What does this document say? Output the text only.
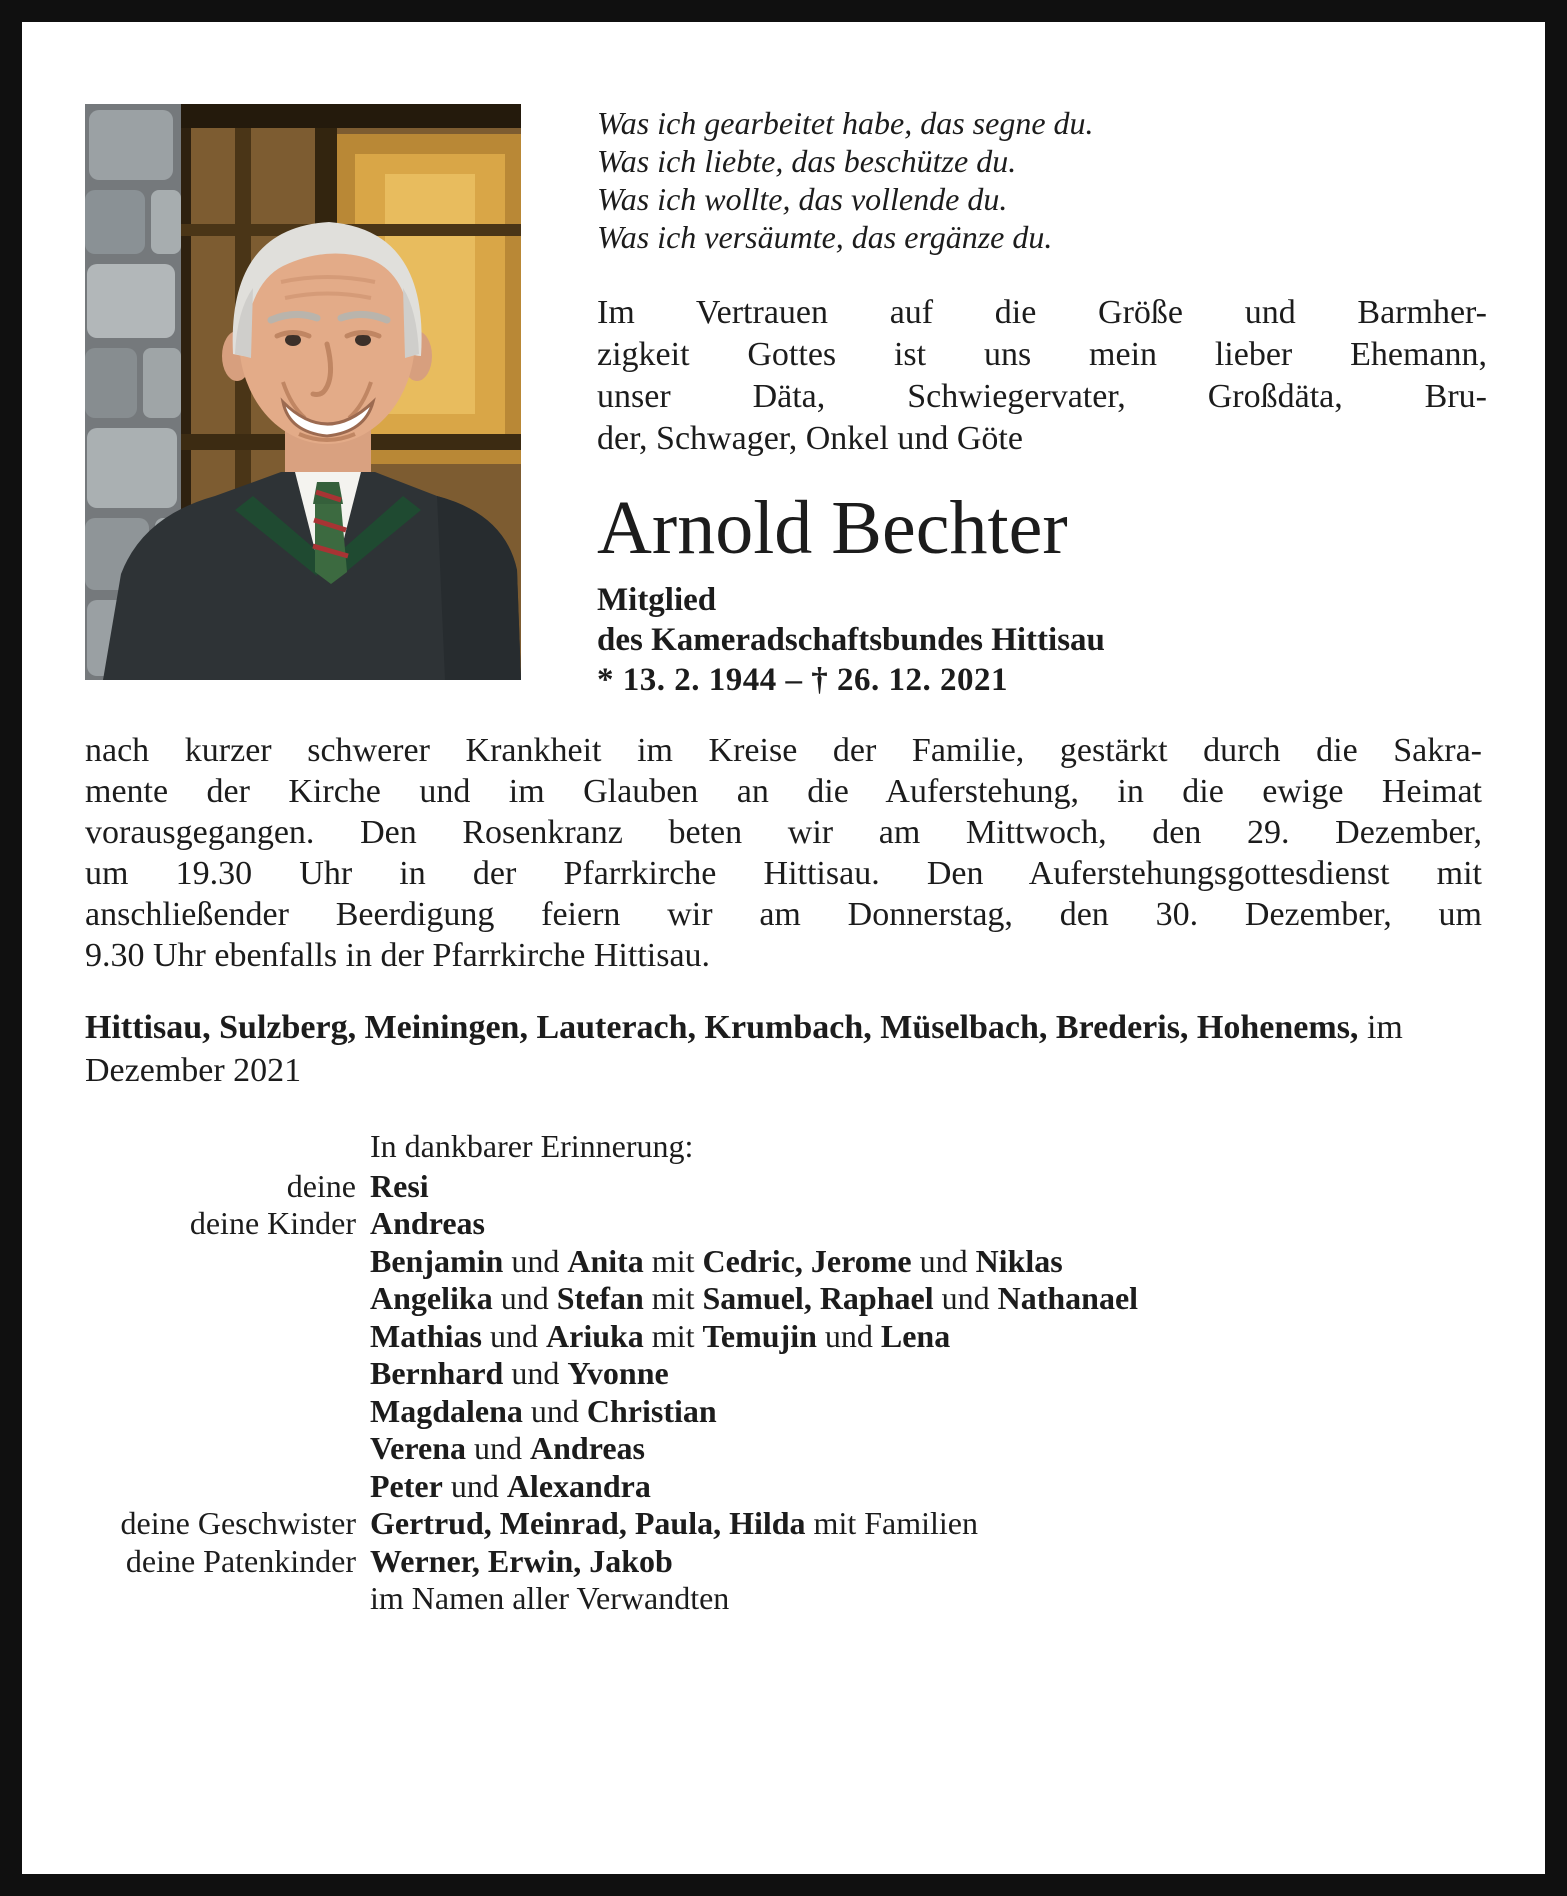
Was ich gearbeitet habe, das segne du.
Was ich liebte, das beschütze du.
Was ich wollte, das vollende du.
Was ich versäumte, das ergänze du.
Im Vertrauen auf die Größe und Barmher-
zigkeit Gottes ist uns mein lieber Ehemann,
unser Däta, Schwiegervater, Großdäta, Bru-
der, Schwager, Onkel und Göte
Arnold Bechter
Mitglied
des Kameradschaftsbundes Hittisau
* 13. 2. 1944 – † 26. 12. 2021
nach kurzer schwerer Krankheit im Kreise der Familie, gestärkt durch die Sakra-
mente der Kirche und im Glauben an die Auferstehung, in die ewige Heimat
vorausgegangen. Den Rosenkranz beten wir am Mittwoch, den 29. Dezember,
um 19.30 Uhr in der Pfarrkirche Hittisau. Den Auferstehungsgottesdienst mit
anschließender Beerdigung feiern wir am Donnerstag, den 30. Dezember, um
9.30 Uhr ebenfalls in der Pfarrkirche Hittisau.
Hittisau, Sulzberg, Meiningen, Lauterach, Krumbach, Müselbach, Brederis, Hohenems, im Dezember 2021
In dankbarer Erinnerung:
deine Resi
deine Kinder Andreas
Benjamin und Anita mit Cedric, Jerome und Niklas
Angelika und Stefan mit Samuel, Raphael und Nathanael
Mathias und Ariuka mit Temujin und Lena
Bernhard und Yvonne
Magdalena und Christian
Verena und Andreas
Peter und Alexandra
deine Geschwister Gertrud, Meinrad, Paula, Hilda mit Familien
deine Patenkinder Werner, Erwin, Jakob
im Namen aller Verwandten
